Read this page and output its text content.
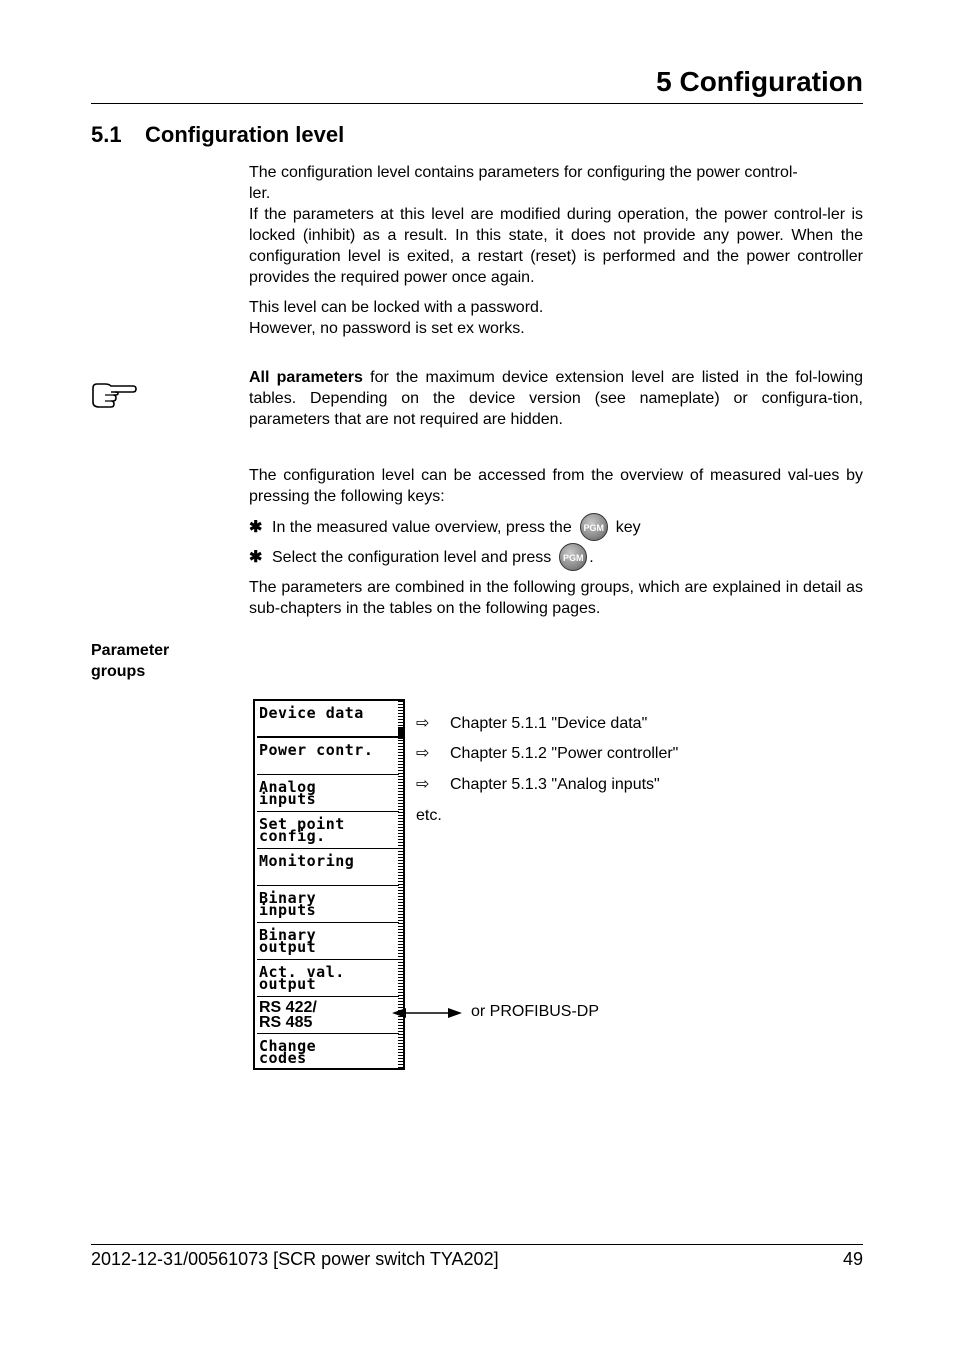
5 Configuration
5.1 Configuration level

The configuration level contains parameters for configuring the power control-

ler.

If the parameters at this level are modified during operation, the power control-ler is locked (inhibit) as a result. In this state, it does not provide any power. When the configuration level is exited, a restart (reset) is performed and the power controller provides the required power once again.

This level can be locked with a password.

However, no password is set ex works.

All parameters for the maximum device extension level are listed in the fol-lowing tables. Depending on the device version (see nameplate) or configura-tion, parameters that are not required are hidden.
The configuration level can be accessed from the overview of measured val-ues by pressing the following keys:
✱ In the measured value overview, press the	PGM key
✱ Select the configuration level and press	PGM .
The parameters are combined in the following groups, which are explained in detail as sub-chapters in the tables on the following pages.
Parameter
groups
Device data
Power contr.
Analog
inputs
Set point
config.
Monitoring
Binary
inputs
Binary
output
Act. val.
output
RS 422/
RS 485
Change
codes
⇨ Chapter 5.1.1 "Device data"
⇨ Chapter 5.1.2 "Power controller"
⇨ Chapter 5.1.3 "Analog inputs"
etc.
or PROFIBUS-DP
2012-12-31/00561073 [SCR power switch TYA202]	49
